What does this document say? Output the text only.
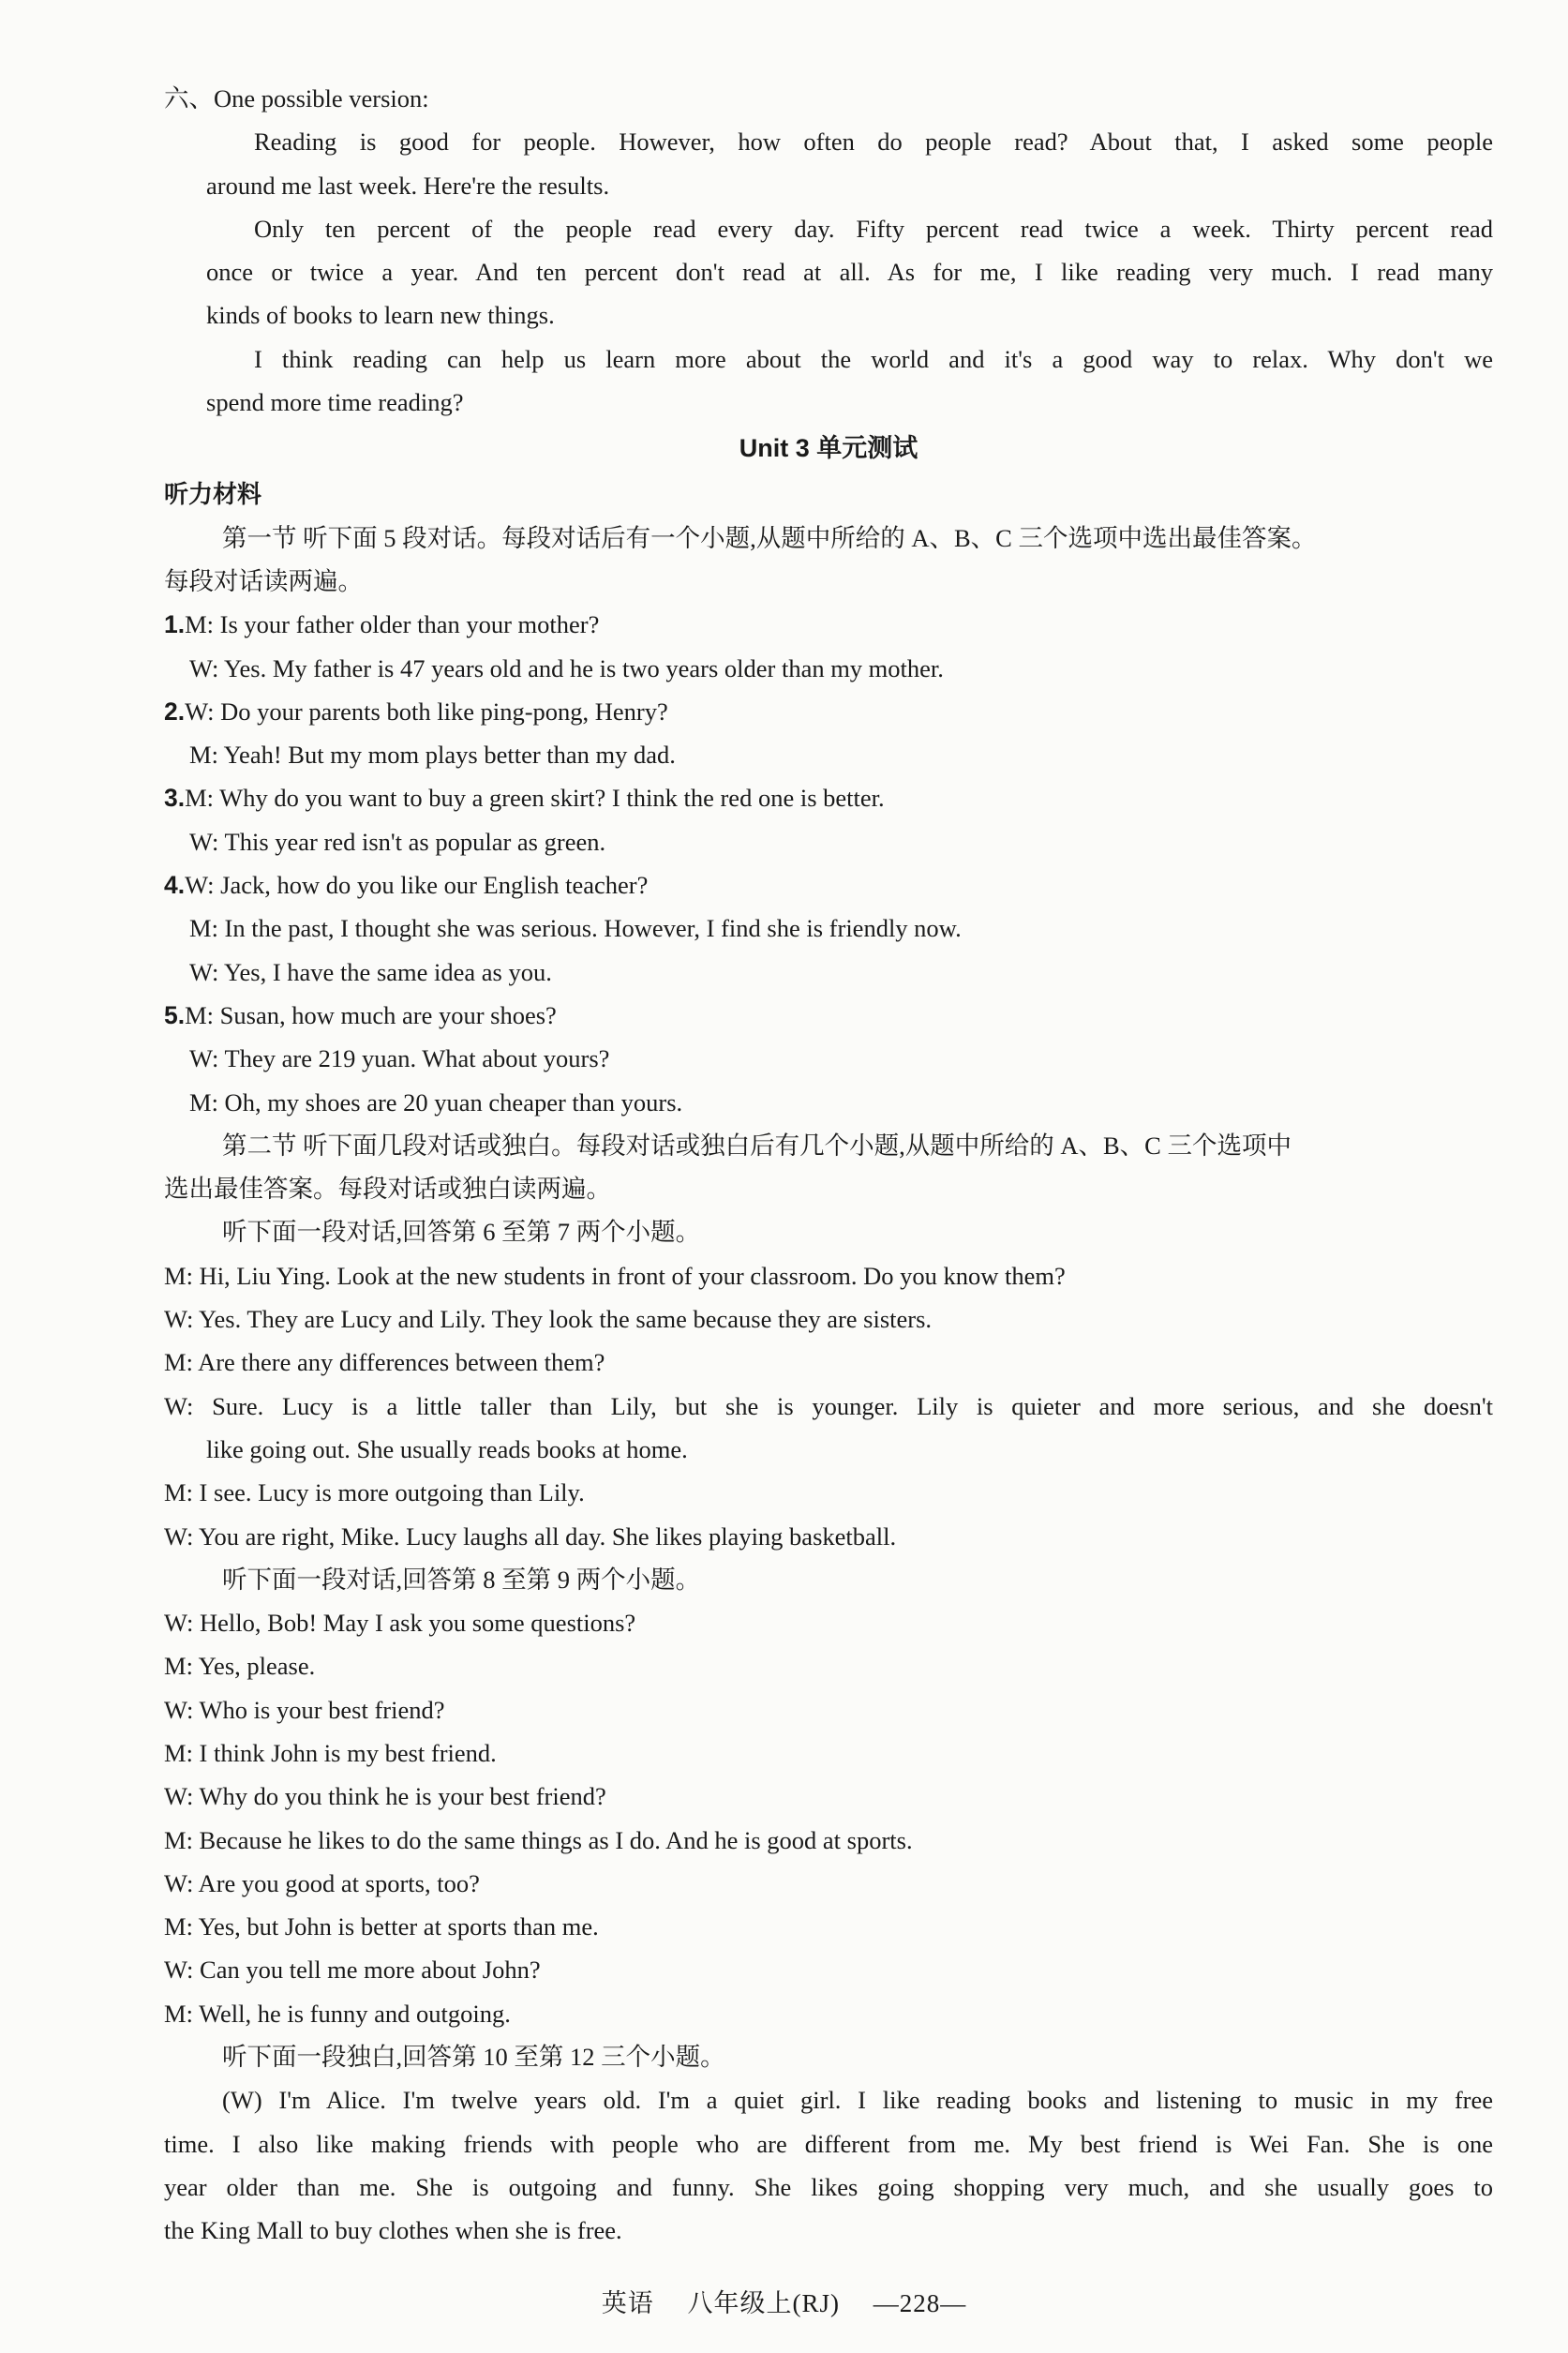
六、One possible version:
Reading is good for people. However, how often do people read? About that, I asked some people
around me last week. Here're the results.
Only ten percent of the people read every day. Fifty percent read twice a week. Thirty percent read
once or twice a year. And ten percent don't read at all. As for me, I like reading very much. I read many
kinds of books to learn new things.
I think reading can help us learn more about the world and it's a good way to relax. Why don't we
spend more time reading?
Unit 3 单元测试
听力材料
第一节 听下面 5 段对话。每段对话后有一个小题,从题中所给的 A、B、C 三个选项中选出最佳答案。
每段对话读两遍。
1.M: Is your father older than your mother?
W: Yes. My father is 47 years old and he is two years older than my mother.
2.W: Do your parents both like ping-pong, Henry?
M: Yeah! But my mom plays better than my dad.
3.M: Why do you want to buy a green skirt? I think the red one is better.
W: This year red isn't as popular as green.
4.W: Jack, how do you like our English teacher?
M: In the past, I thought she was serious. However, I find she is friendly now.
W: Yes, I have the same idea as you.
5.M: Susan, how much are your shoes?
W: They are 219 yuan. What about yours?
M: Oh, my shoes are 20 yuan cheaper than yours.
第二节 听下面几段对话或独白。每段对话或独白后有几个小题,从题中所给的 A、B、C 三个选项中
选出最佳答案。每段对话或独白读两遍。
听下面一段对话,回答第 6 至第 7 两个小题。
M: Hi, Liu Ying. Look at the new students in front of your classroom. Do you know them?
W: Yes. They are Lucy and Lily. They look the same because they are sisters.
M: Are there any differences between them?
W: Sure. Lucy is a little taller than Lily, but she is younger. Lily is quieter and more serious, and she doesn't
like going out. She usually reads books at home.
M: I see. Lucy is more outgoing than Lily.
W: You are right, Mike. Lucy laughs all day. She likes playing basketball.
听下面一段对话,回答第 8 至第 9 两个小题。
W: Hello, Bob! May I ask you some questions?
M: Yes, please.
W: Who is your best friend?
M: I think John is my best friend.
W: Why do you think he is your best friend?
M: Because he likes to do the same things as I do. And he is good at sports.
W: Are you good at sports, too?
M: Yes, but John is better at sports than me.
W: Can you tell me more about John?
M: Well, he is funny and outgoing.
听下面一段独白,回答第 10 至第 12 三个小题。
(W) I'm Alice. I'm twelve years old. I'm a quiet girl. I like reading books and listening to music in my free
time. I also like making friends with people who are different from me. My best friend is Wei Fan. She is one
year older than me. She is outgoing and funny. She likes going shopping very much, and she usually goes to
the King Mall to buy clothes when she is free.
英语 八年级上(RJ) —228—
